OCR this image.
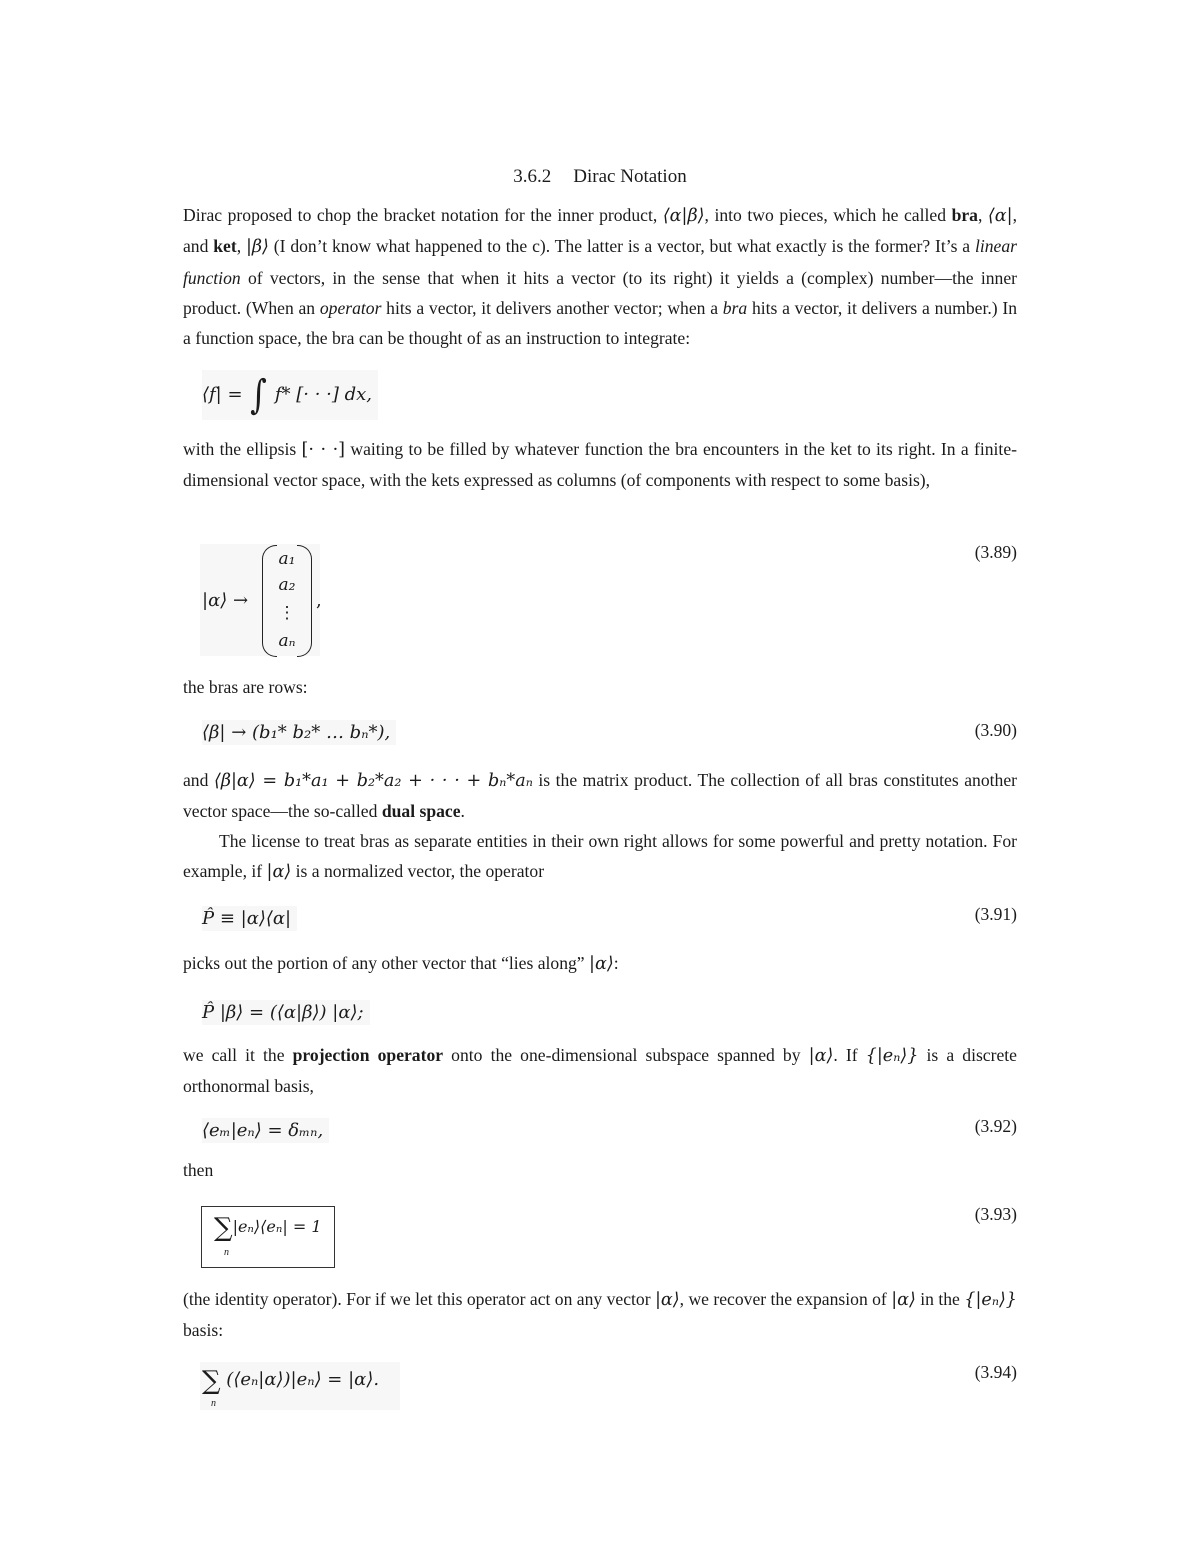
3.6.2 Dirac Notation
Dirac proposed to chop the bracket notation for the inner product, ⟨α|β⟩, into two pieces, which he called bra, ⟨α|, and ket, |β⟩ (I don’t know what happened to the c). The latter is a vector, but what exactly is the former? It’s a linear function of vectors, in the sense that when it hits a vector (to its right) it yields a (complex) number—the inner product. (When an operator hits a vector, it delivers another vector; when a bra hits a vector, it delivers a number.) In a function space, the bra can be thought of as an instruction to integrate:
⟨f| = ∫ f* [· · ·] dx,
with the ellipsis [· · ·] waiting to be filled by whatever function the bra encounters in the ket to its right. In a finite-dimensional vector space, with the kets expressed as columns (of components with respect to some basis),
|α⟩ →
a₁
a₂
⋮
aₙ
,
(3.89)
the bras are rows:
⟨β| → (b₁* b₂* … bₙ*),	(3.90)
and ⟨β|α⟩ = b₁*a₁ + b₂*a₂ + · · · + bₙ*aₙ is the matrix product. The collection of all bras constitutes another vector space—the so-called dual space.
The license to treat bras as separate entities in their own right allows for some powerful and pretty notation. For example, if |α⟩ is a normalized vector, the operator
P̂ ≡ |α⟩⟨α|	(3.91)
picks out the portion of any other vector that “lies along” |α⟩:
P̂ |β⟩ = (⟨α|β⟩) |α⟩;
we call it the projection operator onto the one-dimensional subspace spanned by |α⟩. If {|eₙ⟩} is a discrete orthonormal basis,
⟨eₘ|eₙ⟩ = δₘₙ,	(3.92)
then
∑|eₙ⟩⟨eₙ| = 1
n
(3.93)
(the identity operator). For if we let this operator act on any vector |α⟩, we recover the expansion of |α⟩ in the {|eₙ⟩} basis:
∑ (⟨eₙ|α⟩)|eₙ⟩ = |α⟩.
n
(3.94)
